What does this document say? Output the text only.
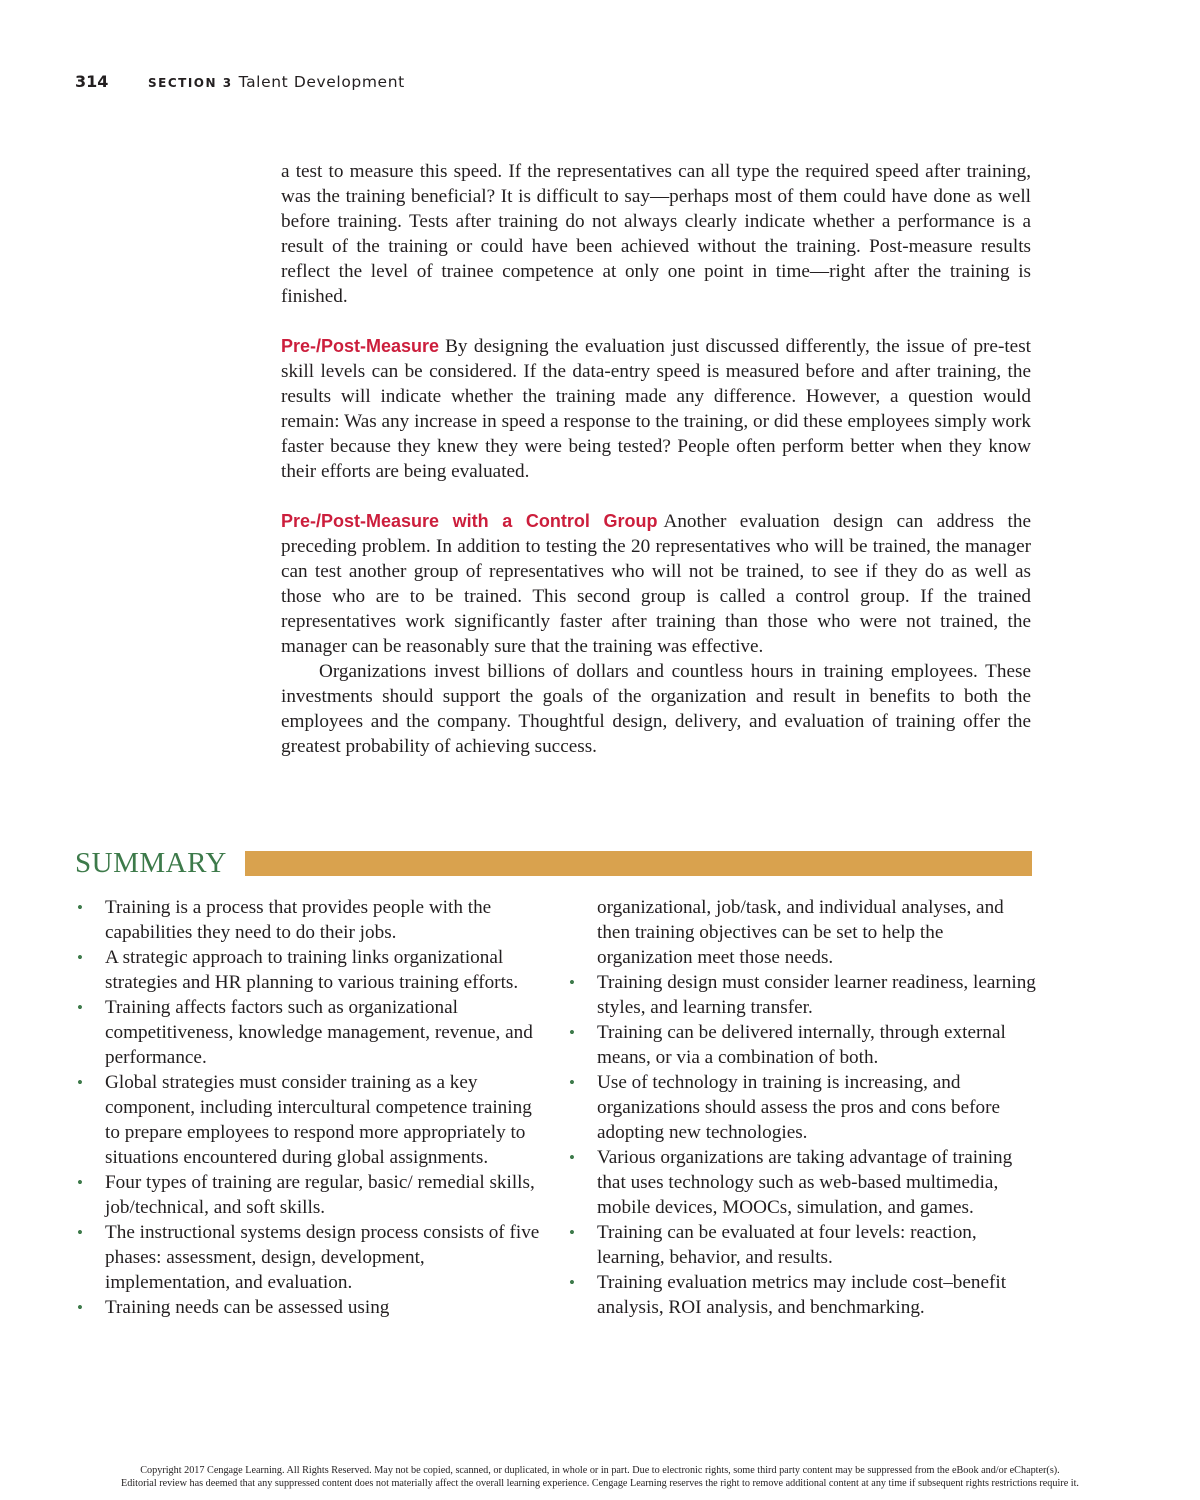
314	SECTION 3 Talent Development

a test to measure this speed. If the representatives can all type the required speed after training, was the training beneficial? It is difficult to say—perhaps most of them could have done as well before training. Tests after training do not always clearly indicate whether a performance is a result of the training or could have been achieved without the training. Post-measure results reflect the level of trainee competence at only one point in time—right after the training is finished.

Pre-/Post-Measure By designing the evaluation just discussed differently, the issue of pre-test skill levels can be considered. If the data-entry speed is measured before and after training, the results will indicate whether the training made any difference. However, a question would remain: Was any increase in speed a response to the training, or did these employees simply work faster because they knew they were being tested? People often perform better when they know their efforts are being evaluated.

Pre-/Post-Measure with a Control Group Another evaluation design can address the preceding problem. In addition to testing the 20 representatives who will be trained, the manager can test another group of representatives who will not be trained, to see if they do as well as those who are to be trained. This second group is called a control group. If the trained representatives work significantly faster after training than those who were not trained, the manager can be reasonably sure that the training was effective.

Organizations invest billions of dollars and countless hours in training employees. These investments should support the goals of the organization and result in benefits to both the employees and the company. Thoughtful design, delivery, and evaluation of training offer the greatest probability of achieving success.

SUMMARY
• Training is a process that provides people with the capabilities they need to do their jobs.
• A strategic approach to training links organizational strategies and HR planning to various training efforts.
• Training affects factors such as organizational competitiveness, knowledge management, revenue, and performance.
• Global strategies must consider training as a key component, including intercultural competence training to prepare employees to respond more appropriately to situations encountered during global assignments.
• Four types of training are regular, basic/ remedial skills, job/technical, and soft skills.
• The instructional systems design process consists of five phases: assessment, design, development, implementation, and evaluation.
• Training needs can be assessed using
organizational, job/task, and individual analyses, and then training objectives can be set to help the organization meet those needs.
• Training design must consider learner readiness, learning styles, and learning transfer.
• Training can be delivered internally, through external means, or via a combination of both.
• Use of technology in training is increasing, and organizations should assess the pros and cons before adopting new technologies.
• Various organizations are taking advantage of training that uses technology such as web-based multimedia, mobile devices, MOOCs, simulation, and games.
• Training can be evaluated at four levels: reaction, learning, behavior, and results.
• Training evaluation metrics may include cost–benefit analysis, ROI analysis, and benchmarking.
Copyright 2017 Cengage Learning. All Rights Reserved. May not be copied, scanned, or duplicated, in whole or in part. Due to electronic rights, some third party content may be suppressed from the eBook and/or eChapter(s).
Editorial review has deemed that any suppressed content does not materially affect the overall learning experience. Cengage Learning reserves the right to remove additional content at any time if subsequent rights restrictions require it.
